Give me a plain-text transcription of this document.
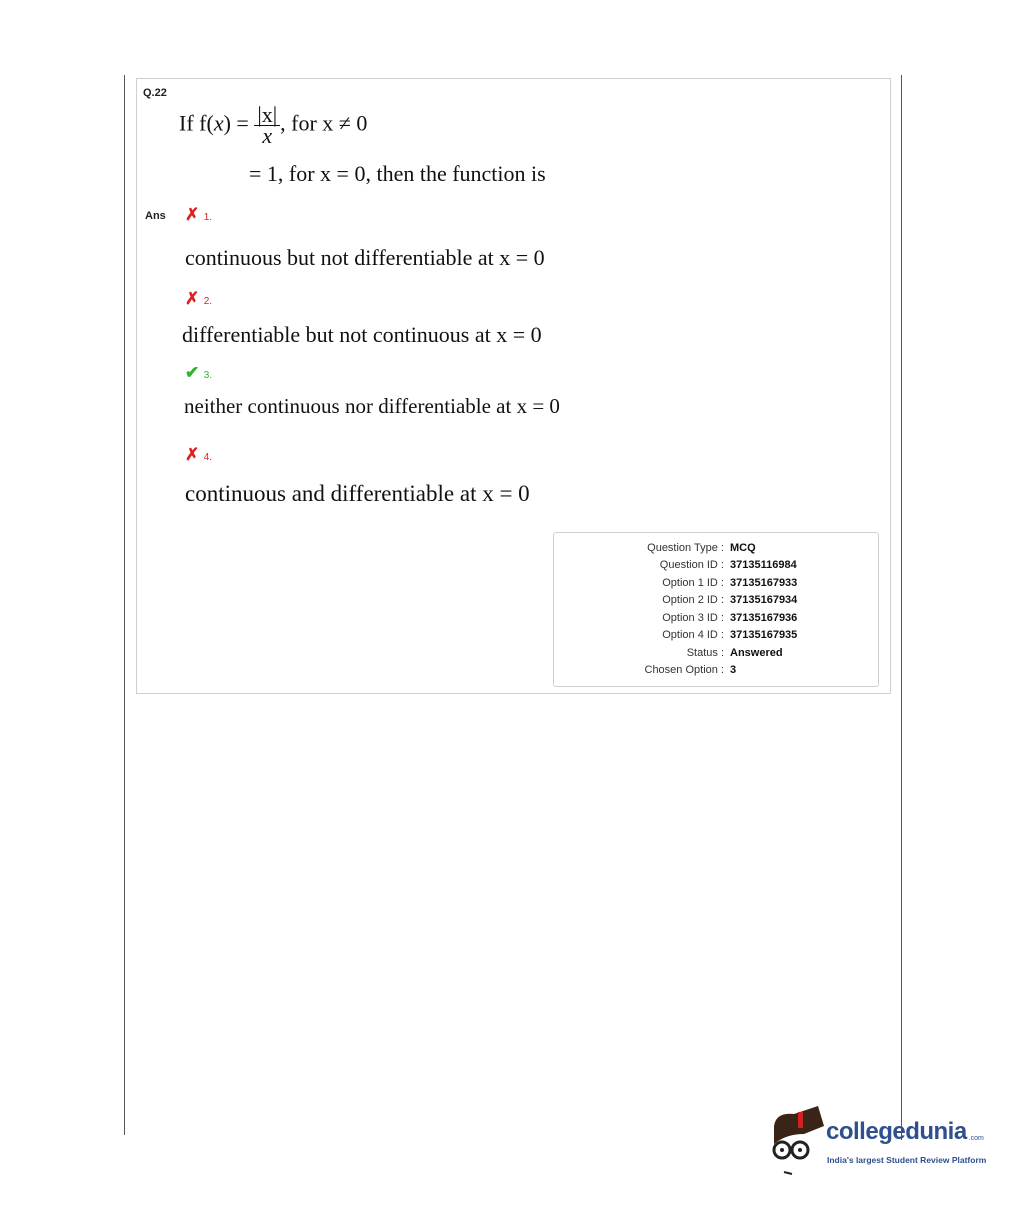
Q.22
If $f(x) = \frac{|x|}{x}$, for x ≠ 0
= 1, for x = 0, then the function is
Ans ✗ 1.
continuous but not differentiable at x = 0
✗ 2.
differentiable but not continuous at x = 0
✔ 3.
neither continuous nor differentiable at x = 0
✗ 4.
continuous and differentiable at x = 0
Question Type : MCQ
Question ID : 37135116984
Option 1 ID : 37135167933
Option 2 ID : 37135167934
Option 3 ID : 37135167936
Option 4 ID : 37135167935
Status : Answered
Chosen Option : 3
collegedunia .com
India's largest Student Review Platform
